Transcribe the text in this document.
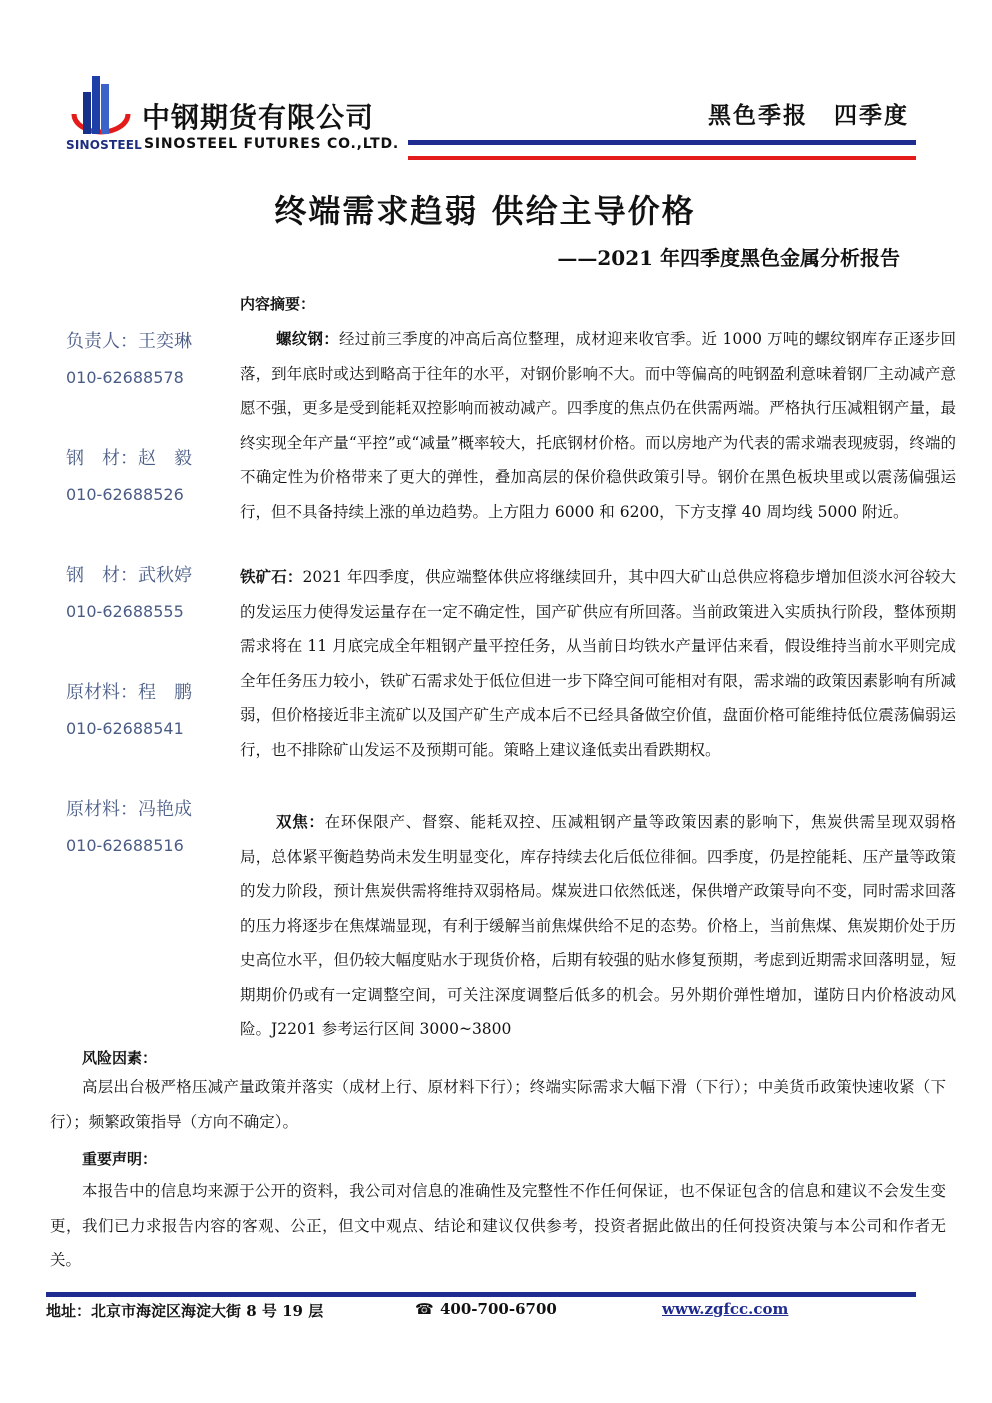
SINOSTEEL
中钢期货有限公司
SINOSTEEL FUTURES CO.,LTD.
黑色季报 四季度
终端需求趋弱 供给主导价格
——2021 年四季度黑色金属分析报告
负责人：王奕琳
010-62688578
钢　材：赵　毅
010-62688526
钢　材：武秋婷
010-62688555
原材料：程　鹏
010-62688541
原材料：冯艳成
010-62688516
内容摘要：
螺纹钢：经过前三季度的冲高后高位整理，成材迎来收官季。近 1000 万吨的螺纹钢库存正逐步回落，到年底时或达到略高于往年的水平，对钢价影响不大。而中等偏高的吨钢盈利意味着钢厂主动减产意愿不强，更多是受到能耗双控影响而被动减产。四季度的焦点仍在供需两端。严格执行压减粗钢产量，最终实现全年产量“平控”或“减量”概率较大，托底钢材价格。而以房地产为代表的需求端表现疲弱，终端的不确定性为价格带来了更大的弹性，叠加高层的保价稳供政策引导。钢价在黑色板块里或以震荡偏强运行，但不具备持续上涨的单边趋势。上方阻力 6000 和 6200，下方支撑 40 周均线 5000 附近。
铁矿石：2021 年四季度，供应端整体供应将继续回升，其中四大矿山总供应将稳步增加但淡水河谷较大的发运压力使得发运量存在一定不确定性，国产矿供应有所回落。当前政策进入实质执行阶段，整体预期需求将在 11 月底完成全年粗钢产量平控任务，从当前日均铁水产量评估来看，假设维持当前水平则完成全年任务压力较小，铁矿石需求处于低位但进一步下降空间可能相对有限，需求端的政策因素影响有所减弱，但价格接近非主流矿以及国产矿生产成本后不已经具备做空价值，盘面价格可能维持低位震荡偏弱运行，也不排除矿山发运不及预期可能。策略上建议逢低卖出看跌期权。
双焦：在环保限产、督察、能耗双控、压减粗钢产量等政策因素的影响下，焦炭供需呈现双弱格局，总体紧平衡趋势尚未发生明显变化，库存持续去化后低位徘徊。四季度，仍是控能耗、压产量等政策的发力阶段，预计焦炭供需将维持双弱格局。煤炭进口依然低迷，保供增产政策导向不变，同时需求回落的压力将逐步在焦煤端显现，有利于缓解当前焦煤供给不足的态势。价格上，当前焦煤、焦炭期价处于历史高位水平，但仍较大幅度贴水于现货价格，后期有较强的贴水修复预期，考虑到近期需求回落明显，短期期价仍或有一定调整空间，可关注深度调整后低多的机会。另外期价弹性增加，谨防日内价格波动风险。J2201 参考运行区间 3000~3800
风险因素：
高层出台极严格压减产量政策并落实（成材上行、原材料下行）；终端实际需求大幅下滑（下行）；中美货币政策快速收紧（下行）；频繁政策指导（方向不确定）。
重要声明：
本报告中的信息均来源于公开的资料，我公司对信息的准确性及完整性不作任何保证，也不保证包含的信息和建议不会发生变更，我们已力求报告内容的客观、公正，但文中观点、结论和建议仅供参考，投资者据此做出的任何投资决策与本公司和作者无关。
地址：北京市海淀区海淀大街 8 号 19 层	☎ 400-700-6700	www.zgfcc.com
